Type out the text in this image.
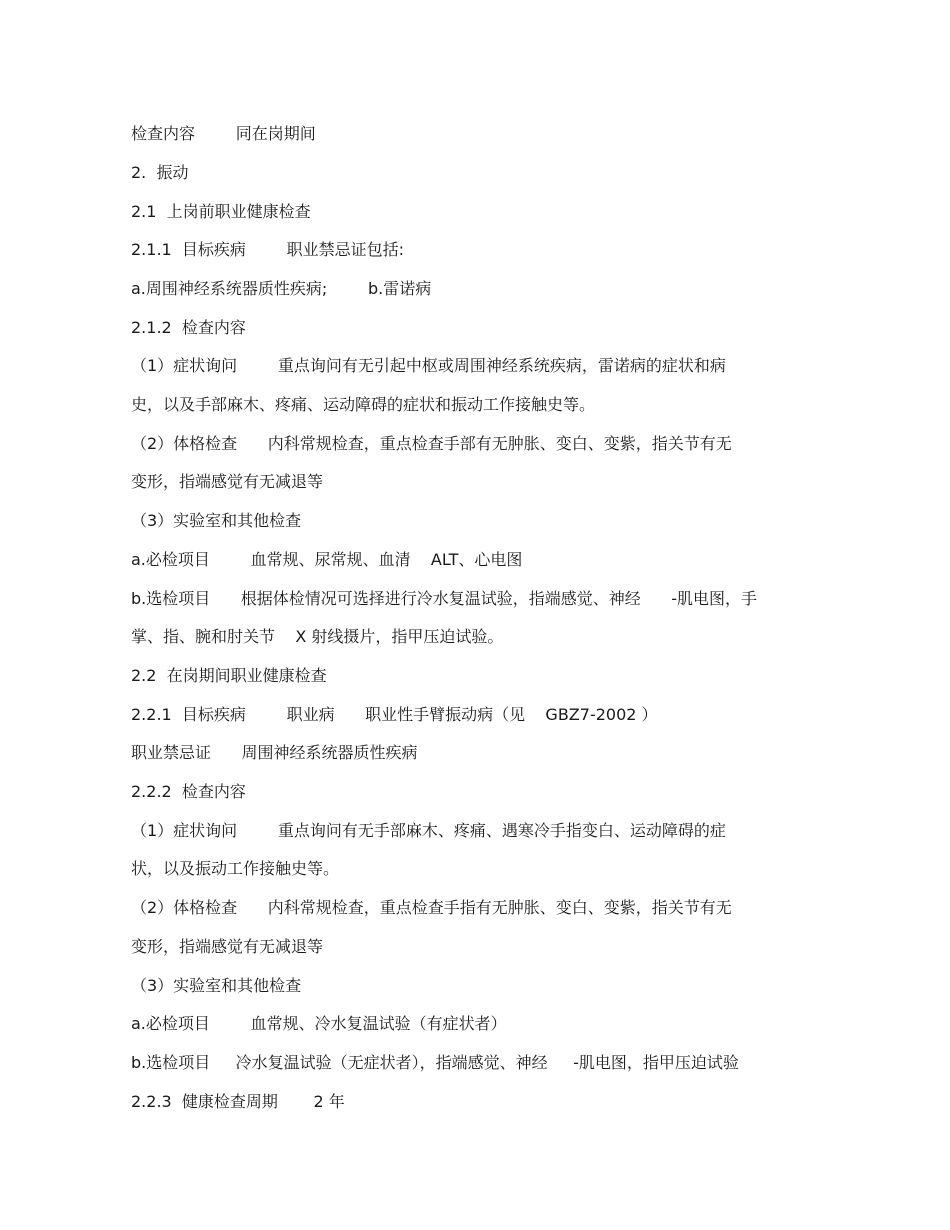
检查内容        同在岗期间
2.  振动
2.1  上岗前职业健康检查
2.1.1  目标疾病        职业禁忌证包括:
a.周围神经系统器质性疾病;        b.雷诺病
2.1.2  检查内容
（1）症状询问        重点询问有无引起中枢或周围神经系统疾病，雷诺病的症状和病
史，以及手部麻木、疼痛、运动障碍的症状和振动工作接触史等。
（2）体格检查      内科常规检查，重点检查手部有无肿胀、变白、变紫，指关节有无
变形，指端感觉有无减退等
（3）实验室和其他检查
a.必检项目        血常规、尿常规、血清    ALT、心电图
b.选检项目      根据体检情况可选择进行冷水复温试验，指端感觉、神经      -肌电图，手
掌、指、腕和肘关节    X 射线摄片，指甲压迫试验。
2.2  在岗期间职业健康检查
2.2.1  目标疾病        职业病      职业性手臂振动病（见    GBZ7-2002 ）
职业禁忌证      周围神经系统器质性疾病
2.2.2  检查内容
（1）症状询问        重点询问有无手部麻木、疼痛、遇寒冷手指变白、运动障碍的症
状，以及振动工作接触史等。
（2）体格检查      内科常规检查，重点检查手指有无肿胀、变白、变紫，指关节有无
变形，指端感觉有无减退等
（3）实验室和其他检查
a.必检项目        血常规、冷水复温试验（有症状者）
b.选检项目     冷水复温试验（无症状者），指端感觉、神经     -肌电图，指甲压迫试验
2.2.3  健康检查周期       2 年
